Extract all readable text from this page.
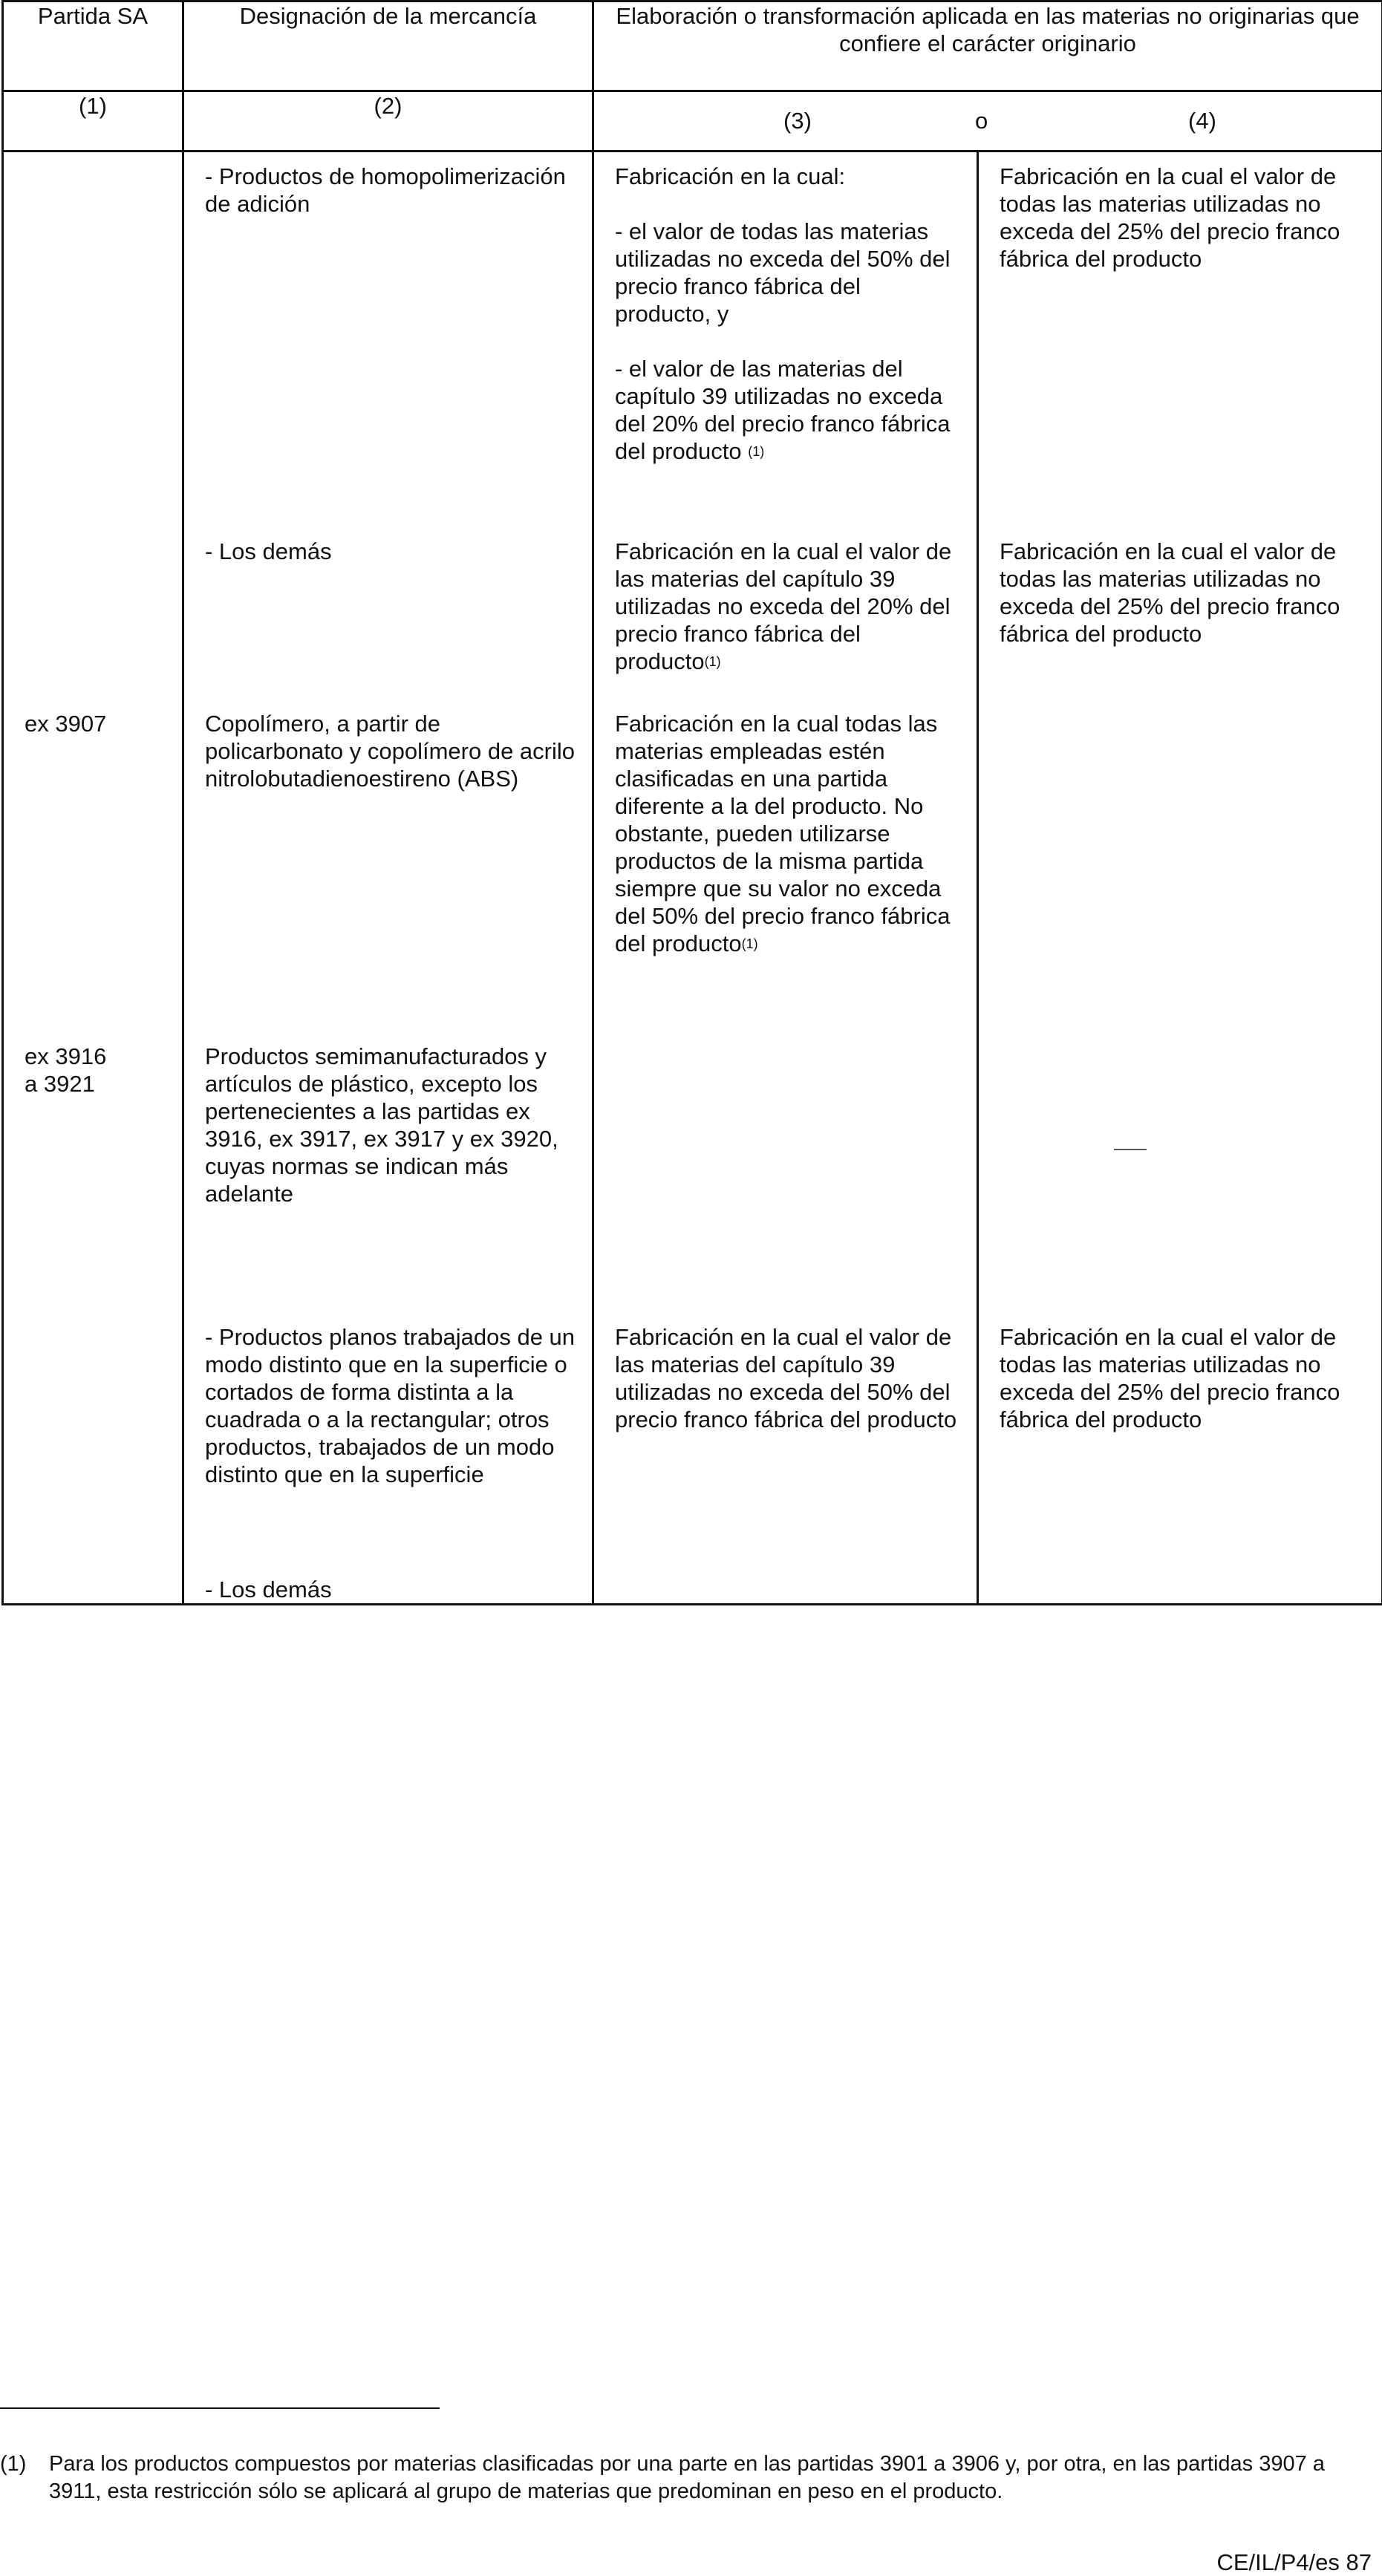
Partida SA	Designación de la mercancía	Elaboración o transformación aplicada en las materias no originarias que confiere el carácter originario	
(1)	(2)	(3) o (4)	

	- Productos de homopolimerización de adición	Fabricación en la cual:
- el valor de todas las materias utilizadas no exceda del 50% del precio franco fábrica del producto, y
- el valor de las materias del capítulo 39 utilizadas no exceda del 20% del precio franco fábrica del producto $^{(1)}$	Fabricación en la cual el valor de todas las materias utilizadas no exceda del 25% del precio franco fábrica del producto

	- Los demás	Fabricación en la cual el valor de las materias del capítulo 39 utilizadas no exceda del 20% del precio franco fábrica del producto$^{(1)}$	Fabricación en la cual el valor de todas las materias utilizadas no exceda del 25% del precio franco fábrica del producto

ex 3907	Copolímero, a partir de policarbonato y copolímero de acrilo nitrolobutadienoestireno (ABS)	Fabricación en la cual todas las materias empleadas estén clasificadas en una partida diferente a la del producto. No obstante, pueden utilizarse productos de la misma partida siempre que su valor no exceda del 50% del precio franco fábrica del producto$^{(1)}$

ex 3916
a 3921	Productos semimanufacturados y artículos de plástico, excepto los pertenecientes a las partidas ex 3916, ex 3917, ex 3917 y ex 3920, cuyas normas se indican más adelante		

	- Productos planos trabajados de un modo distinto que en la superficie o cortados de forma distinta a la cuadrada o a la rectangular; otros productos, trabajados de un modo distinto que en la superficie	Fabricación en la cual el valor de las materias del capítulo 39 utilizadas no exceda del 50% del precio franco fábrica del producto	Fabricación en la cual el valor de todas las materias utilizadas no exceda del 25% del precio franco fábrica del producto

	- Los demás		

(1) Para los productos compuestos por materias clasificadas por una parte en las partidas 3901 a 3906 y, por otra, en las partidas 3907 a 3911, esta restricción sólo se aplicará al grupo de materias que predominan en peso en el producto.
CE/IL/P4/es 87
